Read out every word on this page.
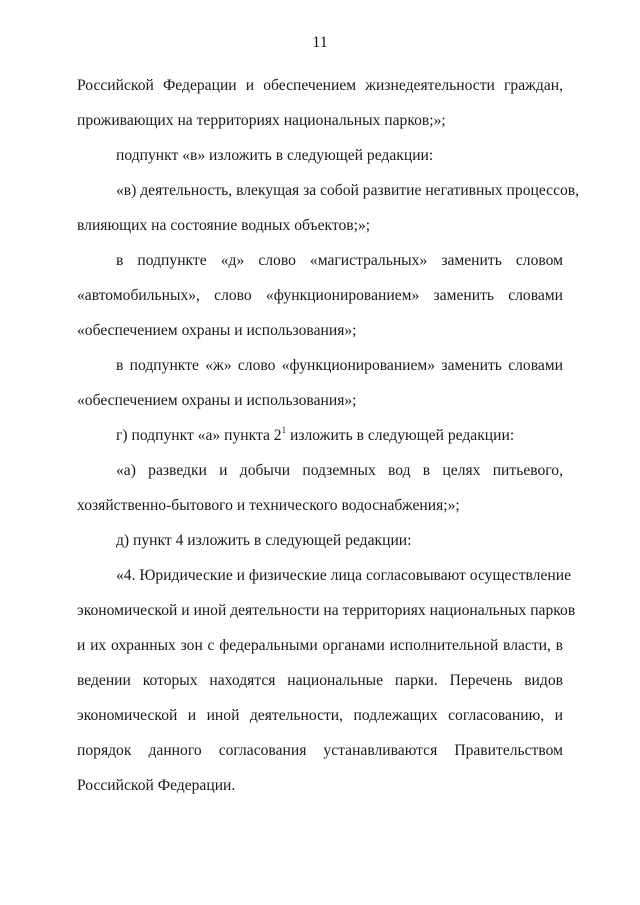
11
Российской Федерации и обеспечением жизнедеятельности граждан,
проживающих на территориях национальных парков;»;
подпункт «в» изложить в следующей редакции:
«в) деятельность, влекущая за собой развитие негативных процессов,
влияющих на состояние водных объектов;»;
в подпункте «д» слово «магистральных» заменить словом
«автомобильных», слово «функционированием» заменить словами
«обеспечением охраны и использования»;
в подпункте «ж» слово «функционированием» заменить словами
«обеспечением охраны и использования»;
г) подпункт «а» пункта $2^1$ изложить в следующей редакции:
«а) разведки и добычи подземных вод в целях питьевого,
хозяйственно-бытового и технического водоснабжения;»;
д) пункт 4 изложить в следующей редакции:
«4. Юридические и физические лица согласовывают осуществление
экономической и иной деятельности на территориях национальных парков
и их охранных зон с федеральными органами исполнительной власти, в
ведении которых находятся национальные парки. Перечень видов
экономической и иной деятельности, подлежащих согласованию, и
порядок данного согласования устанавливаются Правительством
Российской Федерации.
